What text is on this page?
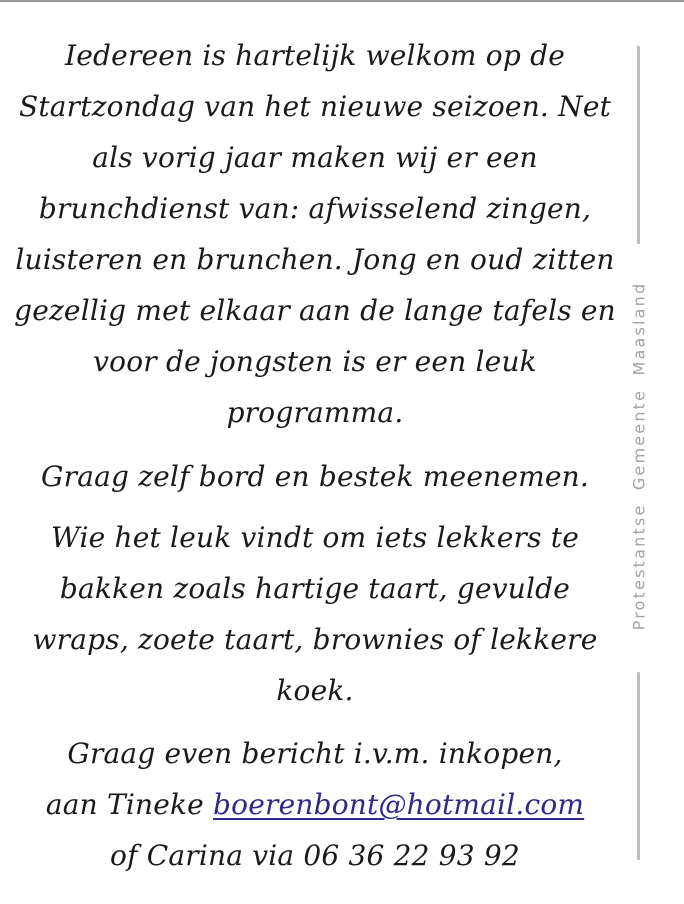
Iedereen is hartelijk welkom op de Startzondag van het nieuwe seizoen. Net als vorig jaar maken wij er een brunchdienst van: afwisselend zingen, luisteren en brunchen. Jong en oud zitten gezellig met elkaar aan de lange tafels en voor de jongsten is er een leuk programma.

Graag zelf bord en bestek meenemen.

Wie het leuk vindt om iets lekkers te bakken zoals hartige taart, gevulde wraps, zoete taart, brownies of lekkere koek.

Graag even bericht i.v.m. inkopen,
aan Tineke boerenbont@hotmail.com
of Carina via 06 36 22 93 92

Protestantse Gemeente Maasland
